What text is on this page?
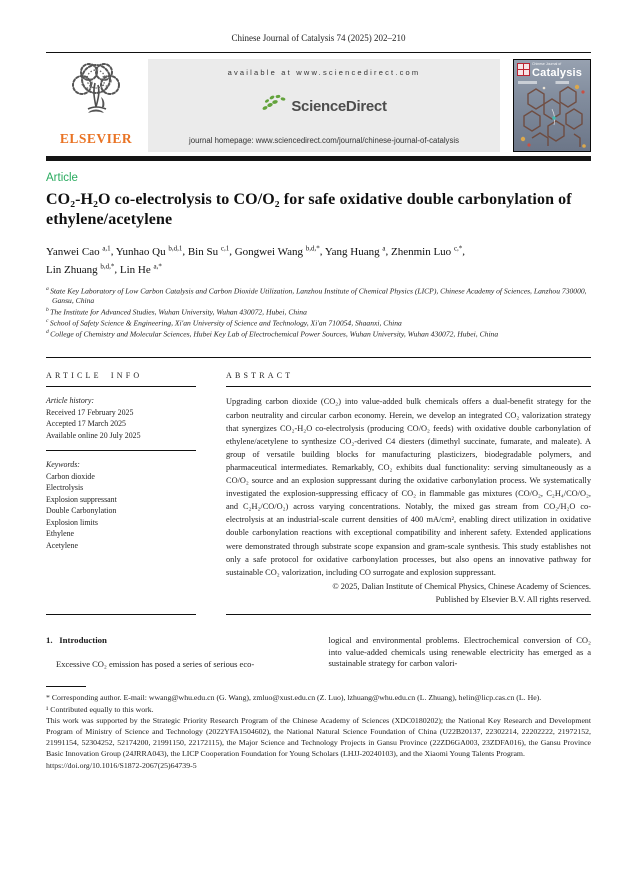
Chinese Journal of Catalysis 74 (2025) 202–210
ELSEVIER
available at www.sciencedirect.com
ScienceDirect
journal homepage: www.sciencedirect.com/journal/chinese-journal-of-catalysis
Chinese Journal of
Catalysis
Article
CO₂-H₂O co-electrolysis to CO/O₂ for safe oxidative double carbonylation of ethylene/acetylene

Yanwei Cao $^{a,1}$, Yunhao Qu $^{b,d,1}$, Bin Su $^{c,1}$, Gongwei Wang $^{b,d,*}$, Yang Huang $^a$, Zhenmin Luo $^{c,*}$,
Lin Zhuang $^{b,d,*}$, Lin He $^{a,*}$

$^a$ State Key Laboratory of Low Carbon Catalysis and Carbon Dioxide Utilization, Lanzhou Institute of Chemical Physics (LICP), Chinese Academy of Sciences, Lanzhou 730000, Gansu, China
$^b$ The Institute for Advanced Studies, Wuhan University, Wuhan 430072, Hubei, China
$^c$ School of Safety Science & Engineering, Xi'an University of Science and Technology, Xi'an 710054, Shaanxi, China
$^d$ College of Chemistry and Molecular Sciences, Hubei Key Lab of Electrochemical Power Sources, Wuhan University, Wuhan 430072, Hubei, China
ARTICLE INFO
Article history:
Received 17 February 2025
Accepted 17 March 2025
Available online 20 July 2025
Keywords:
Carbon dioxide
Electrolysis
Explosion suppressant
Double Carbonylation
Explosion limits
Ethylene
Acetylene
ABSTRACT

Upgrading carbon dioxide (CO₂) into value-added bulk chemicals offers a dual-benefit strategy for the carbon neutrality and circular carbon economy. Herein, we develop an integrated CO₂ valorization strategy that synergizes CO₂-H₂O co-electrolysis (producing CO/O₂ feeds) with oxidative double carbonylation of ethylene/acetylene to synthesize CO₂-derived C4 diesters (dimethyl succinate, fumarate, and maleate). A group of versatile building blocks for manufacturing plasticizers, biodegradable polymers, and pharmaceutical intermediates. Remarkably, CO₂ exhibits dual functionality: serving simultaneously as a CO/O₂ source and an explosion suppressant during the oxidative carbonylation process. We systematically investigated the explosion-suppressing efficacy of CO₂ in flammable gas mixtures (CO/O₂, C₂H₄/CO/O₂, and C₂H₂/CO/O₂) across varying concentrations. Notably, the mixed gas stream from CO₂/H₂O co-electrolysis at an industrial-scale current densities of 400 mA/cm², enabling direct utilization in oxidative double carbonylation reactions with exceptional compatibility and inherent safety. Extended applications were demonstrated through substrate scope expansion and gram-scale synthesis. This study establishes not only a safe protocol for oxidative carbonylation processes, but also opens an innovative pathway for sustainable CO₂ valorization, including CO surrogate and explosion suppressant.

© 2025, Dalian Institute of Chemical Physics, Chinese Academy of Sciences.
Published by Elsevier B.V. All rights reserved.
1.   Introduction

Excessive CO₂ emission has posed a series of serious eco-

logical and environmental problems. Electrochemical conversion of CO₂ into value-added chemicals using renewable electricity has emerged as a sustainable strategy for carbon valori-

* Corresponding author. E-mail: wwang@whu.edu.cn (G. Wang), zmluo@xust.edu.cn (Z. Luo), lzhuang@whu.edu.cn (L. Zhuang), helin@licp.cas.cn (L. He).

¹ Contributed equally to this work.

This work was supported by the Strategic Priority Research Program of the Chinese Academy of Sciences (XDC0180202); the National Key Research and Development Program of Ministry of Science and Technology (2022YFA1504602), the National Natural Science Foundation of China (U22B20137, 22302214, 22202222, 21972152, 21991154, 52304252, 52174200, 21991150, 22172115), the Major Science and Technology Projects in Gansu Province (22ZD6GA003, 23ZDFA016), the Gansu Province Basic Innovation Group (24JRRA043), the LICP Cooperation Foundation for Young Scholars (LHJJ-20240103), and the Xiaomi Young Talents Program.

https://doi.org/10.1016/S1872-2067(25)64739-5
